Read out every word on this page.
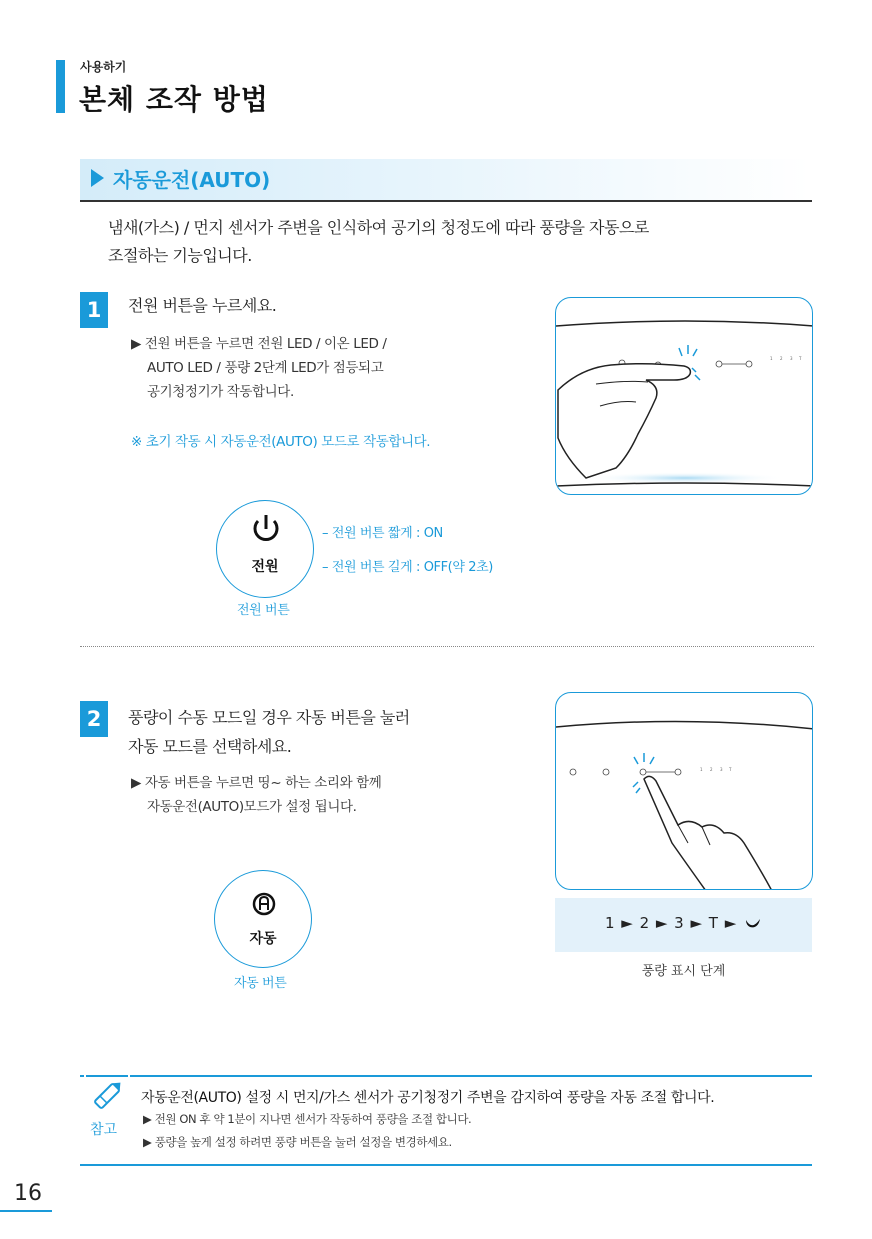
사용하기
본체 조작 방법
자동운전(AUTO)
냄새(가스) / 먼지 센서가 주변을 인식하여 공기의 청정도에 따라 풍량을 자동으로
조절하는 기능입니다.
1	전원 버튼을 누르세요.
▶ 전원 버튼을 누르면 전원 LED / 이온 LED /
AUTO LED / 풍량 2단계 LED가 점등되고
공기청정기가 작동합니다.
※ 초기 작동 시 자동운전(AUTO) 모드로 작동합니다.
1 2 3 T
전원
전원 버튼
– 전원 버튼 짧게 : ON
– 전원 버튼 길게 : OFF(약 2초)
2	풍량이 수동 모드일 경우 자동 버튼을 눌러
자동 모드를 선택하세요.
▶ 자동 버튼을 누르면 띵~ 하는 소리와 함께
자동운전(AUTO)모드가 설정 됩니다.
1 2 3 T
자동
자동 버튼
1 ► 2 ► 3 ► T ►
풍량 표시 단계
참고
자동운전(AUTO) 설정 시 먼지/가스 센서가 공기청정기 주변을 감지하여 풍량을 자동 조절 합니다.
▶ 전원 ON 후 약 1분이 지나면 센서가 작동하여 풍량을 조절 합니다.
▶ 풍량을 높게 설정 하려면 풍량 버튼을 눌러 설정을 변경하세요.
16
